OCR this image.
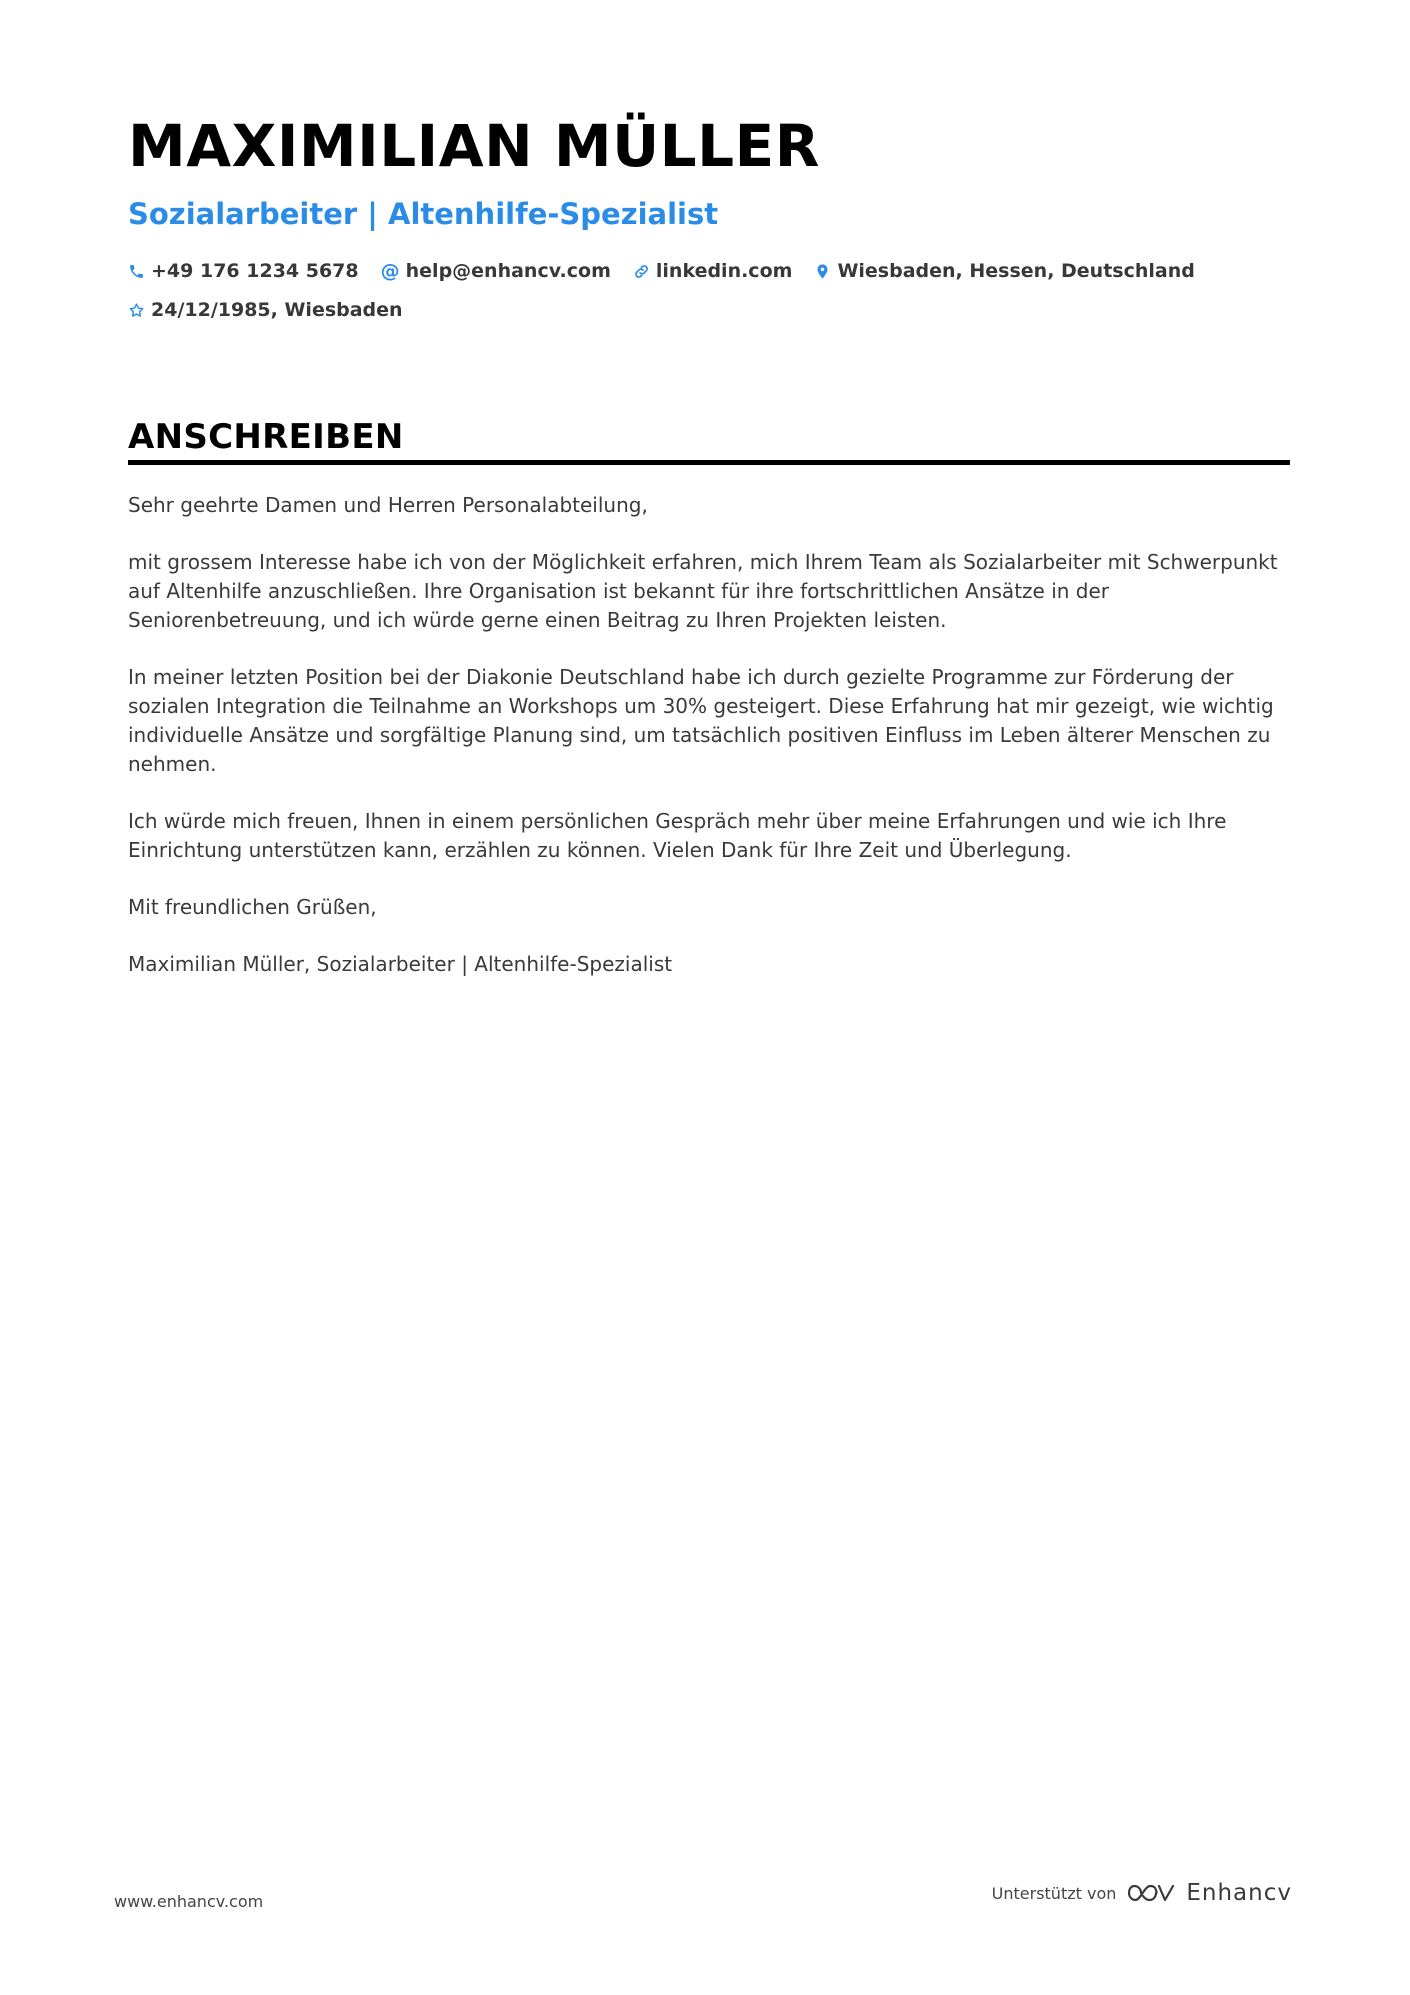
MAXIMILIAN MÜLLER
Sozialarbeiter | Altenhilfe-Spezialist
+49 176 1234 5678 @ help@enhancv.com linkedin.com Wiesbaden, Hessen, Deutschland
24/12/1985, Wiesbaden
ANSCHREIBEN

Sehr geehrte Damen und Herren Personalabteilung,

mit grossem Interesse habe ich von der Möglichkeit erfahren, mich Ihrem Team als Sozialarbeiter mit Schwerpunkt auf Altenhilfe anzuschließen. Ihre Organisation ist bekannt für ihre fortschrittlichen Ansätze in der Seniorenbetreuung, und ich würde gerne einen Beitrag zu Ihren Projekten leisten.

In meiner letzten Position bei der Diakonie Deutschland habe ich durch gezielte Programme zur Förderung der sozialen Integration die Teilnahme an Workshops um 30% gesteigert. Diese Erfahrung hat mir gezeigt, wie wichtig individuelle Ansätze und sorgfältige Planung sind, um tatsächlich positiven Einfluss im Leben älterer Menschen zu nehmen.

Ich würde mich freuen, Ihnen in einem persönlichen Gespräch mehr über meine Erfahrungen und wie ich Ihre Einrichtung unterstützen kann, erzählen zu können. Vielen Dank für Ihre Zeit und Überlegung.

Mit freundlichen Grüßen,

Maximilian Müller, Sozialarbeiter | Altenhilfe-Spezialist

www.enhancv.com	Unterstützt von	Enhancv
